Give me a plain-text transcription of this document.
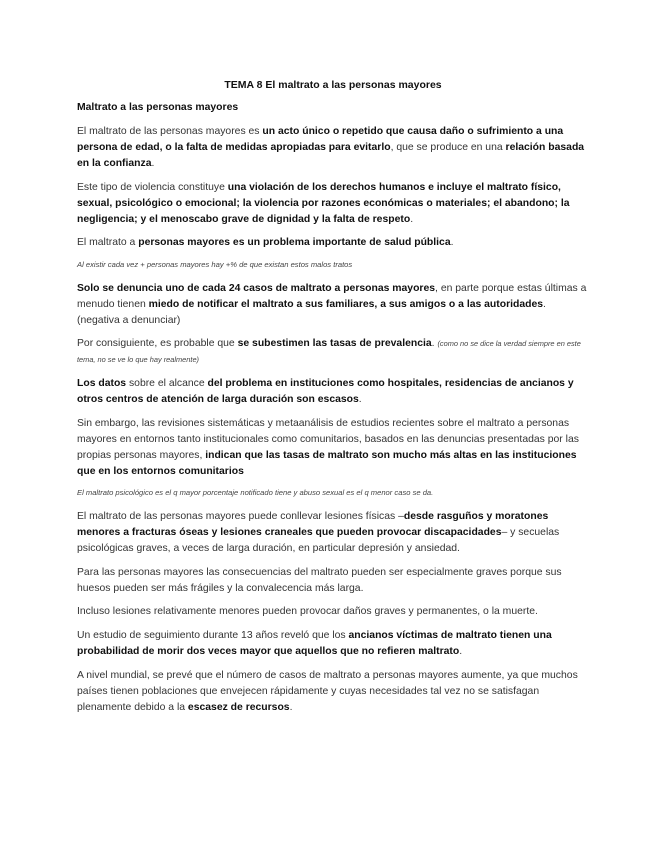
TEMA 8 El maltrato a las personas mayores

Maltrato a las personas mayores

El maltrato de las personas mayores es un acto único o repetido que causa daño o sufrimiento a una persona de edad, o la falta de medidas apropiadas para evitarlo, que se produce en una relación basada en la confianza.

Este tipo de violencia constituye una violación de los derechos humanos e incluye el maltrato físico, sexual, psicológico o emocional; la violencia por razones económicas o materiales; el abandono; la negligencia; y el menoscabo grave de dignidad y la falta de respeto.

El maltrato a personas mayores es un problema importante de salud pública.

Al existir cada vez + personas mayores hay +% de que existan estos malos tratos

Solo se denuncia uno de cada 24 casos de maltrato a personas mayores, en parte porque estas últimas a menudo tienen miedo de notificar el maltrato a sus familiares, a sus amigos o a las autoridades. (negativa a denunciar)

Por consiguiente, es probable que se subestimen las tasas de prevalencia. (como no se dice la verdad siempre en este tema, no se ve lo que hay realmente)

Los datos sobre el alcance del problema en instituciones como hospitales, residencias de ancianos y otros centros de atención de larga duración son escasos.

Sin embargo, las revisiones sistemáticas y metaanálisis de estudios recientes sobre el maltrato a personas mayores en entornos tanto institucionales como comunitarios, basados en las denuncias presentadas por las propias personas mayores, indican que las tasas de maltrato son mucho más altas en las instituciones que en los entornos comunitarios

El maltrato psicológico es el q mayor porcentaje notificado tiene y abuso sexual es el q menor caso se da.

El maltrato de las personas mayores puede conllevar lesiones físicas –desde rasguños y moratones menores a fracturas óseas y lesiones craneales que pueden provocar discapacidades– y secuelas psicológicas graves, a veces de larga duración, en particular depresión y ansiedad.

Para las personas mayores las consecuencias del maltrato pueden ser especialmente graves porque sus huesos pueden ser más frágiles y la convalecencia más larga.

Incluso lesiones relativamente menores pueden provocar daños graves y permanentes, o la muerte.

Un estudio de seguimiento durante 13 años reveló que los ancianos víctimas de maltrato tienen una probabilidad de morir dos veces mayor que aquellos que no refieren maltrato.

A nivel mundial, se prevé que el número de casos de maltrato a personas mayores aumente, ya que muchos países tienen poblaciones que envejecen rápidamente y cuyas necesidades tal vez no se satisfagan plenamente debido a la escasez de recursos.
